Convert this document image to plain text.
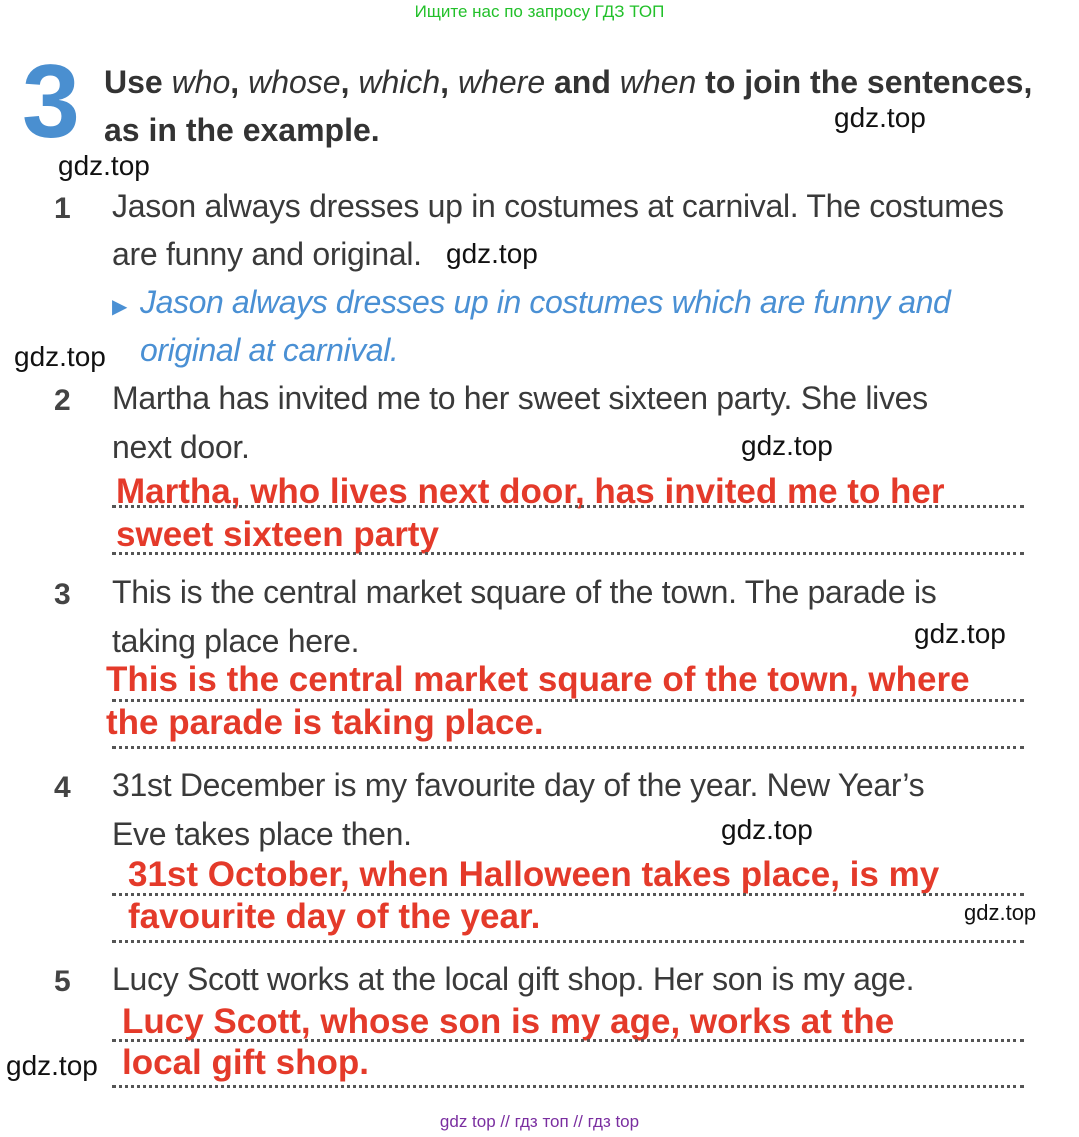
Ищите нас по запросу ГДЗ ТОП
3 Use who, whose, which, where and when to join the sentences,
as in the example.
1 Jason always dresses up in costumes at carnival. The costumes
are funny and original.
▶ Jason always dresses up in costumes which are funny and
original at carnival.
2 Martha has invited me to her sweet sixteen party. She lives
next door.
Martha, who lives next door, has invited me to her
sweet sixteen party
3 This is the central market square of the town. The parade is
taking place here.
This is the central market square of the town, where
the parade is taking place.
4 31st December is my favourite day of the year. New Year’s
Eve takes place then.
31st October, when Halloween takes place, is my
favourite day of the year.
5 Lucy Scott works at the local gift shop. Her son is my age.
Lucy Scott, whose son is my age, works at the
local gift shop.
gdz.top
gdz.top
gdz.top
gdz.top
gdz.top
gdz.top
gdz.top
gdz.top
gdz.top
gdz top // гдз топ // гдз top
